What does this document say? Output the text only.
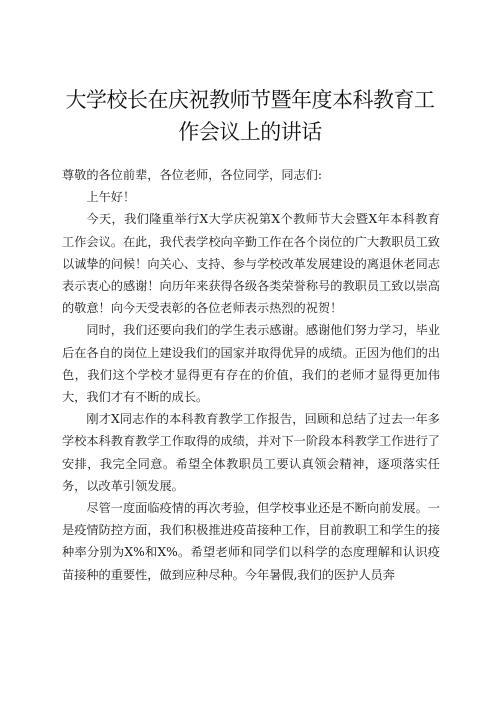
大学校长在庆祝教师节暨年度本科教育工作会议上的讲话

尊敬的各位前辈，各位老师，各位同学，同志们:

上午好！

今天，我们隆重举行X大学庆祝第X个教师节大会暨X年本科教育工作会议。在此，我代表学校向辛勤工作在各个岗位的广大教职员工致以诚挚的问候！向关心、支持、参与学校改革发展建设的离退休老同志表示衷心的感谢！向历年来获得各级各类荣誉称号的教职员工致以崇高的敬意！向今天受表彰的各位老师表示热烈的祝贺！

同时，我们还要向我们的学生表示感谢。感谢他们努力学习，毕业后在各自的岗位上建设我们的国家并取得优异的成绩。正因为他们的出色，我们这个学校才显得更有存在的价值，我们的老师才显得更加伟大，我们才有不断的成长。

刚才X同志作的本科教育教学工作报告，回顾和总结了过去一年多学校本科教育教学工作取得的成绩，并对下一阶段本科教学工作进行了安排，我完全同意。希望全体教职员工要认真领会精神，逐项落实任务，以改革引领发展。

尽管一度面临疫情的再次考验，但学校事业还是不断向前发展。一是疫情防控方面，我们积极推进疫苗接种工作，目前教职工和学生的接种率分别为X%和X%。希望老师和同学们以科学的态度理解和认识疫苗接种的重要性，做到应种尽种。今年暑假,我们的医护人员奔
